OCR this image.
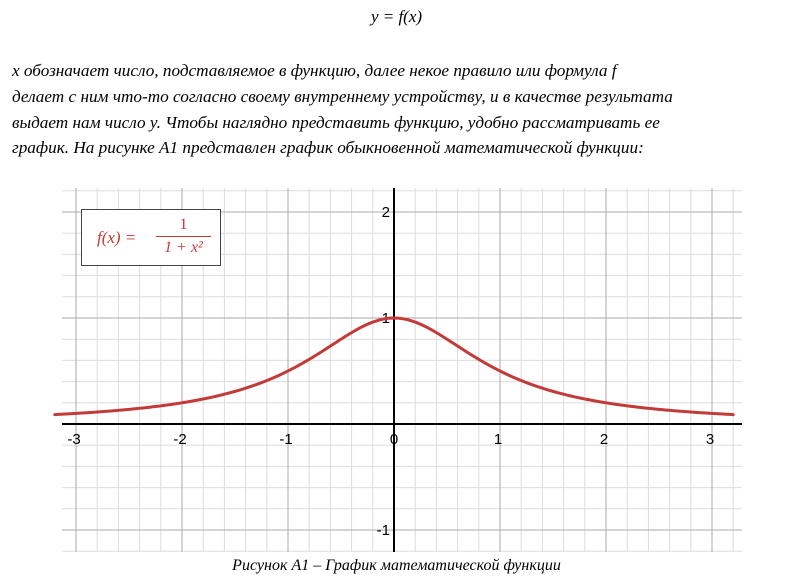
y = f(x)
x обозначает число, подставляемое в функцию, далее некое правило или формула f
делает с ним что-то согласно своему внутреннему устройству, и в качестве результата
выдает нам число y. Чтобы наглядно представить функцию, удобно рассматривать ее
график. На рисунке А1 представлен график обыкновенной математической функции:
-3	-2	-1	0	1	2	3
-1
1
2
f(x) =
1
1 + x²
Рисунок А1 – График математической функции
